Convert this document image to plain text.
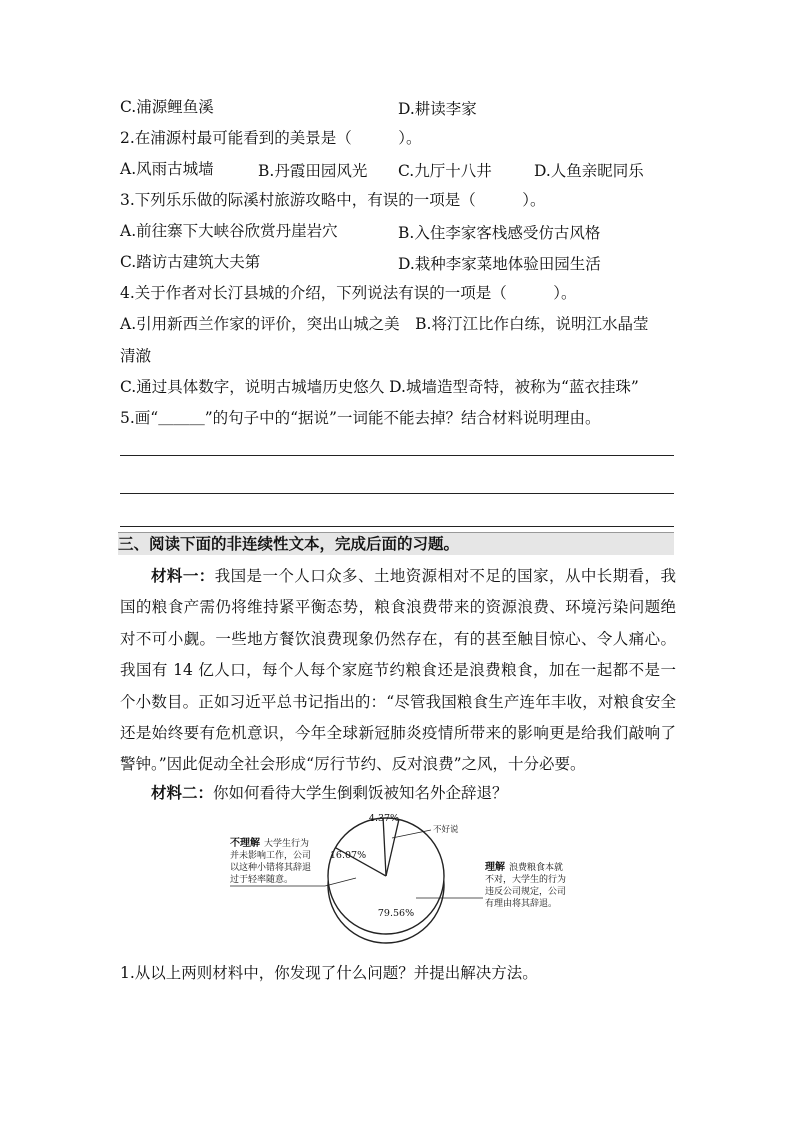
C.浦源鲤鱼溪	D.耕读李家
2.在浦源村最可能看到的美景是（　　　）。
A.风雨古城墙	B.丹霞田园风光 C.九厅十八井	D.人鱼亲昵同乐
3.下列乐乐做的际溪村旅游攻略中，有误的一项是（　　　）。
A.前往寨下大峡谷欣赏丹崖岩穴	B.入住李家客栈感受仿古风格
C.踏访古建筑大夫第	D.栽种李家菜地体验田园生活
4.关于作者对长汀县城的介绍，下列说法有误的一项是（　　　）。
A.引用新西兰作家的评价，突出山城之美　B.将汀江比作白练，说明江水晶莹
清澈
C.通过具体数字，说明古城墙历史悠久 D.城墙造型奇特，被称为“蓝衣挂珠”
5.画“＿＿＿”的句子中的“据说”一词能不能去掉？结合材料说明理由。
三、阅读下面的非连续性文本，完成后面的习题。
材料一：我国是一个人口众多、土地资源相对不足的国家，从中长期看，我国的粮食产需仍将维持紧平衡态势，粮食浪费带来的资源浪费、环境污染问题绝对不可小觑。一些地方餐饮浪费现象仍然存在，有的甚至触目惊心、令人痛心。我国有 14 亿人口，每个人每个家庭节约粮食还是浪费粮食，加在一起都不是一个小数目。正如习近平总书记指出的：“尽管我国粮食生产连年丰收，对粮食安全还是始终要有危机意识，今年全球新冠肺炎疫情所带来的影响更是给我们敲响了警钟。”因此促动全社会形成“厉行节约、反对浪费”之风，十分必要。
材料二：你如何看待大学生倒剩饭被知名外企辞退？
4.37%
16.07%
79.56%
不理解 大学生行为
并未影响工作，公司
以这种小错将其辞退
过于轻率随意。
不好说
理解 浪费粮食本就
不对，大学生的行为
违反公司规定，公司
有理由将其辞退。
1.从以上两则材料中，你发现了什么问题？并提出解决方法。
